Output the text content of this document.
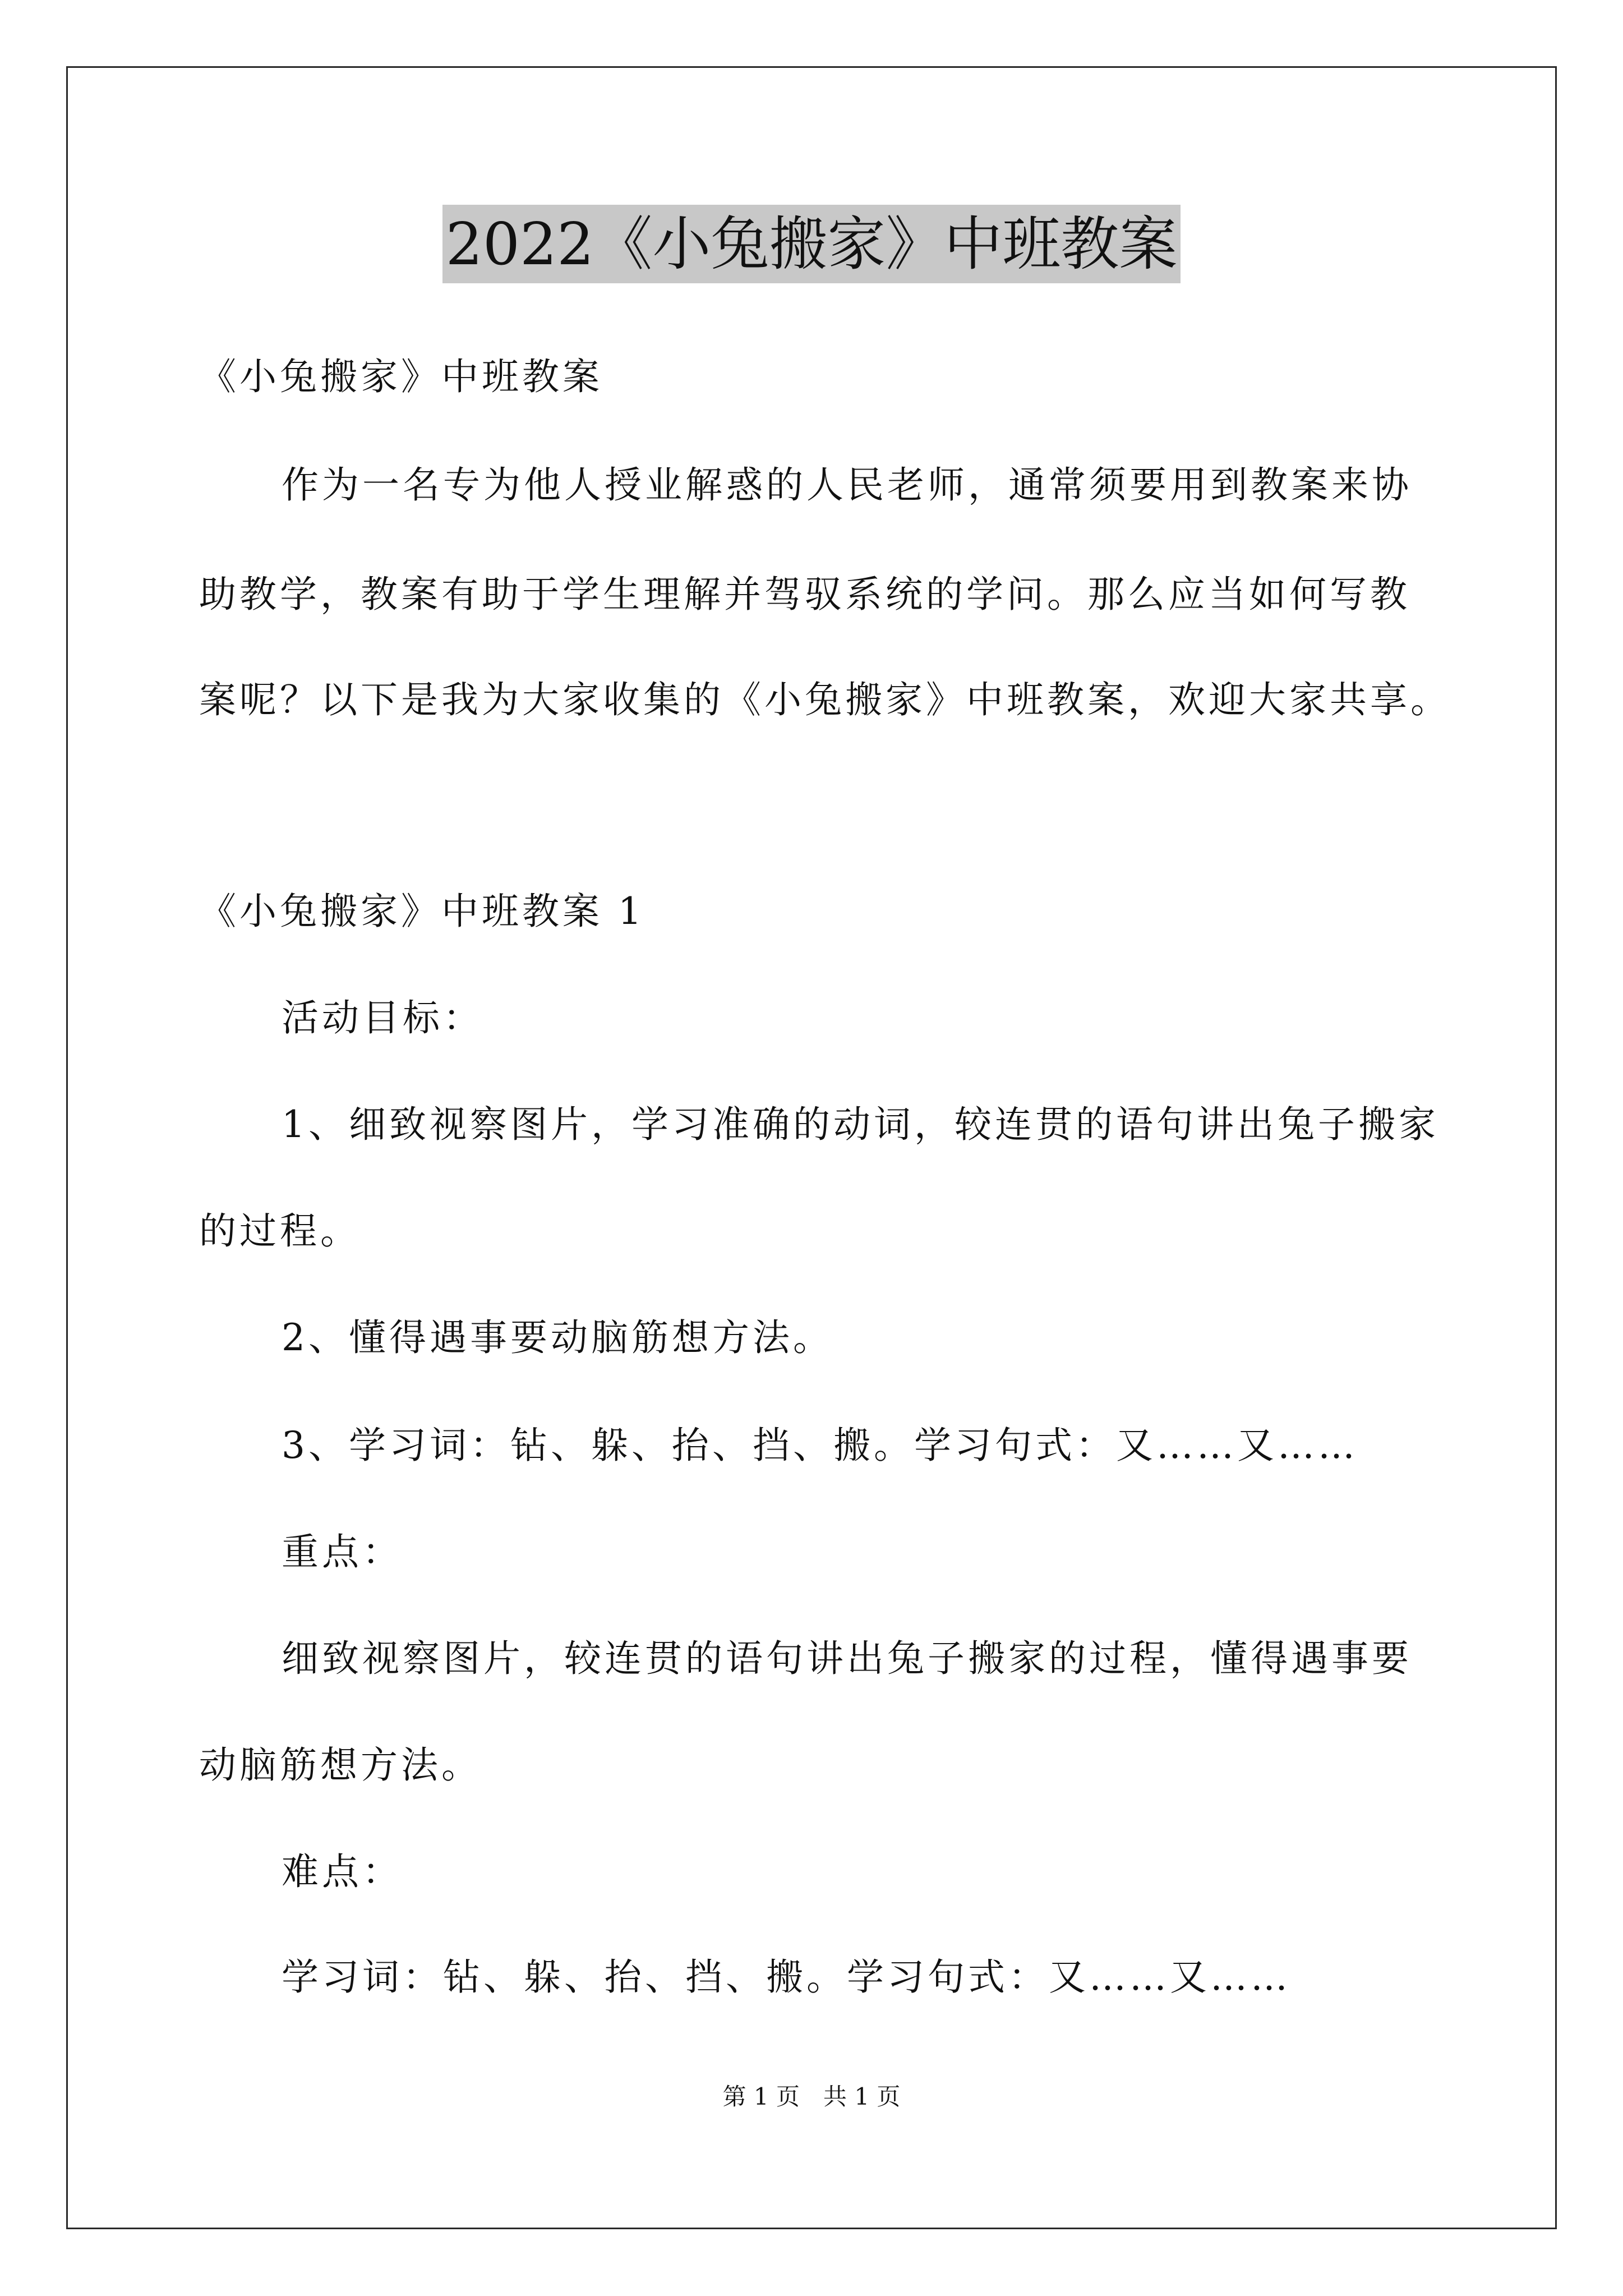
2022《小兔搬家》中班教案
《小兔搬家》中班教案
作为一名专为他人授业解惑的人民老师，通常须要用到教案来协
助教学，教案有助于学生理解并驾驭系统的学问。那么应当如何写教
案呢？以下是我为大家收集的《小兔搬家》中班教案，欢迎大家共享。
《小兔搬家》中班教案 1
活动目标：
1、细致视察图片，学习准确的动词，较连贯的语句讲出兔子搬家
的过程。
2、懂得遇事要动脑筋想方法。
3、学习词：钻、躲、抬、挡、搬。学习句式：又……又……
重点：
细致视察图片，较连贯的语句讲出兔子搬家的过程，懂得遇事要
动脑筋想方法。
难点：
学习词：钻、躲、抬、挡、搬。学习句式：又……又……
第 1 页　共 1 页
